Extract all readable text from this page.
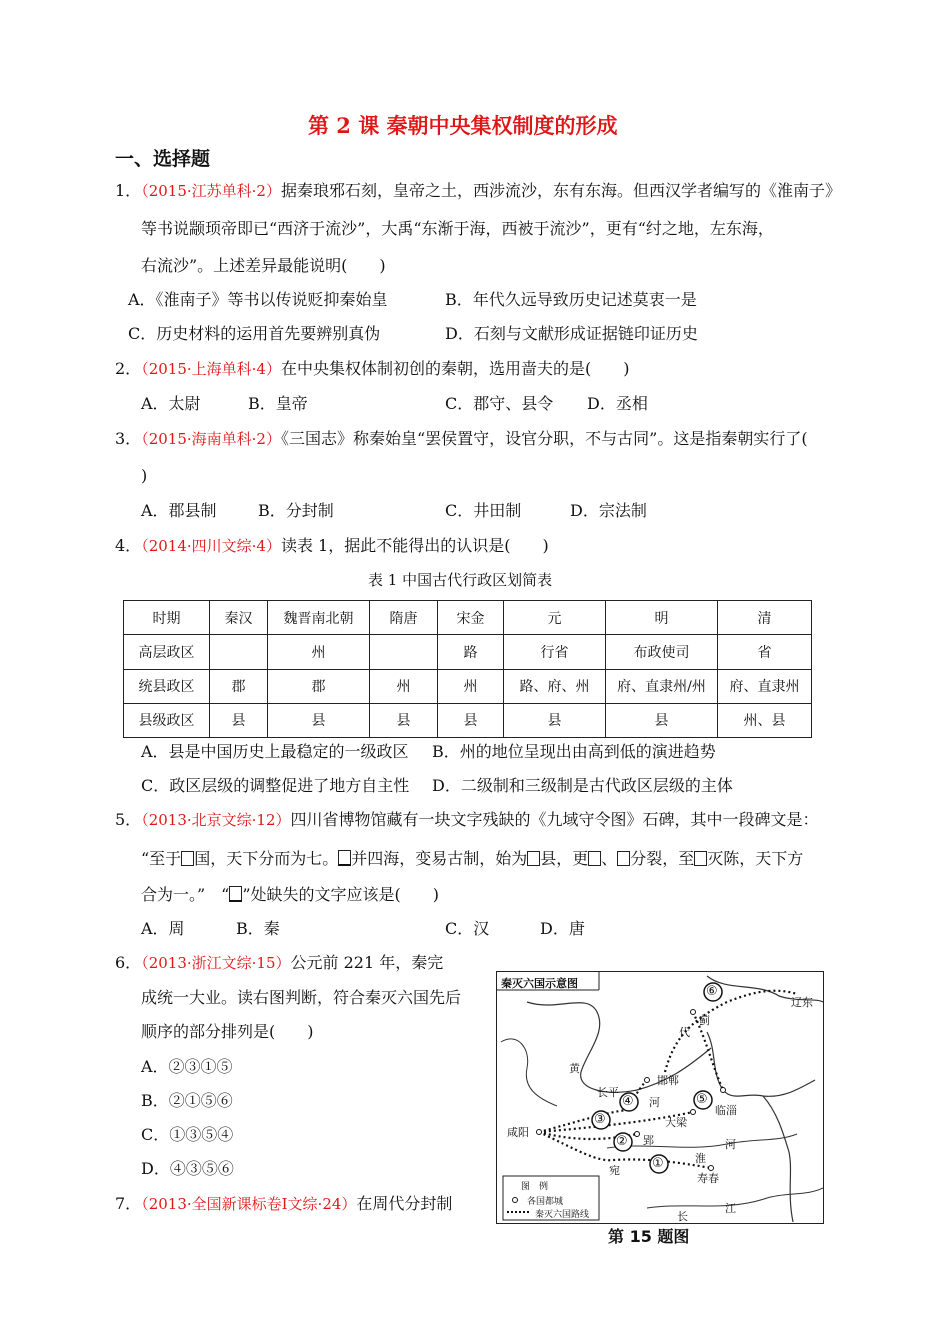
第 2 课 秦朝中央集权制度的形成
一、选择题
1．（2015·江苏单科·2）据秦琅邪石刻，皇帝之土，西涉流沙，东有东海。但西汉学者编写的《淮南子》
等书说颛顼帝即已“西济于流沙”，大禹“东渐于海，西被于流沙”，更有“纣之地，左东海，
右流沙”。上述差异最能说明(　　)
A．《淮南子》等书以传说贬抑秦始皇	B．年代久远导致历史记述莫衷一是
C．历史材料的运用首先要辨别真伪	D．石刻与文献形成证据链印证历史
2．（2015·上海单科·4）在中央集权体制初创的秦朝，选用啬夫的是(　　)
A．太尉	B．皇帝	C．郡守、县令 D．丞相
3．（2015·海南单科·2）《三国志》称秦始皇“罢侯置守，设官分职，不与古同”。这是指秦朝实行了(
)
A．郡县制	B．分封制	C．井田制	D．宗法制
4．（2014·四川文综·4）读表 1，据此不能得出的认识是(　　)
表 1 中国古代行政区划简表
时期	秦汉	魏晋南北朝	隋唐	宋金	元	明	清
高层政区		州		路	行省	布政使司	省
统县政区	郡	郡	州	州	路、府、州	府、直隶州/州	府、直隶州
县级政区	县	县	县	县	县	县	州、县
A．县是中国历史上最稳定的一级政区 B．州的地位呈现出由高到低的演进趋势
C．政区层级的调整促进了地方自主性 D．二级制和三级制是古代政区层级的主体
5．（2013·北京文综·12）四川省博物馆藏有一块文字残缺的《九域守令图》石碑，其中一段碑文是：
“至于 国，天下分而为七。 并四海，变易古制，始为 县，更 、 分裂，至 灭陈，天下方
合为一。”　“ ”处缺失的文字应该是(　　)
A．周	B．秦	C．汉	D．唐
6．（2013·浙江文综·15）公元前 221 年，秦完
成统一大业。读右图判断，符合秦灭六国先后
顺序的部分排列是(　　)
A．②③①⑤
B．②①⑤⑥
C．①③⑤④
D．④③⑤⑥
7．（2013·全国新课标卷Ⅰ文综·24）在周代分封制
⑥
④	⑤
③
②
①
秦灭六国示意图
辽东
代
蓟
邯郸
长平
临淄
咸阳
大梁
郢
宛
寿春
河
黄
淮
河
江
长
图　例
各国都城
秦灭六国路线
第 15 题图
